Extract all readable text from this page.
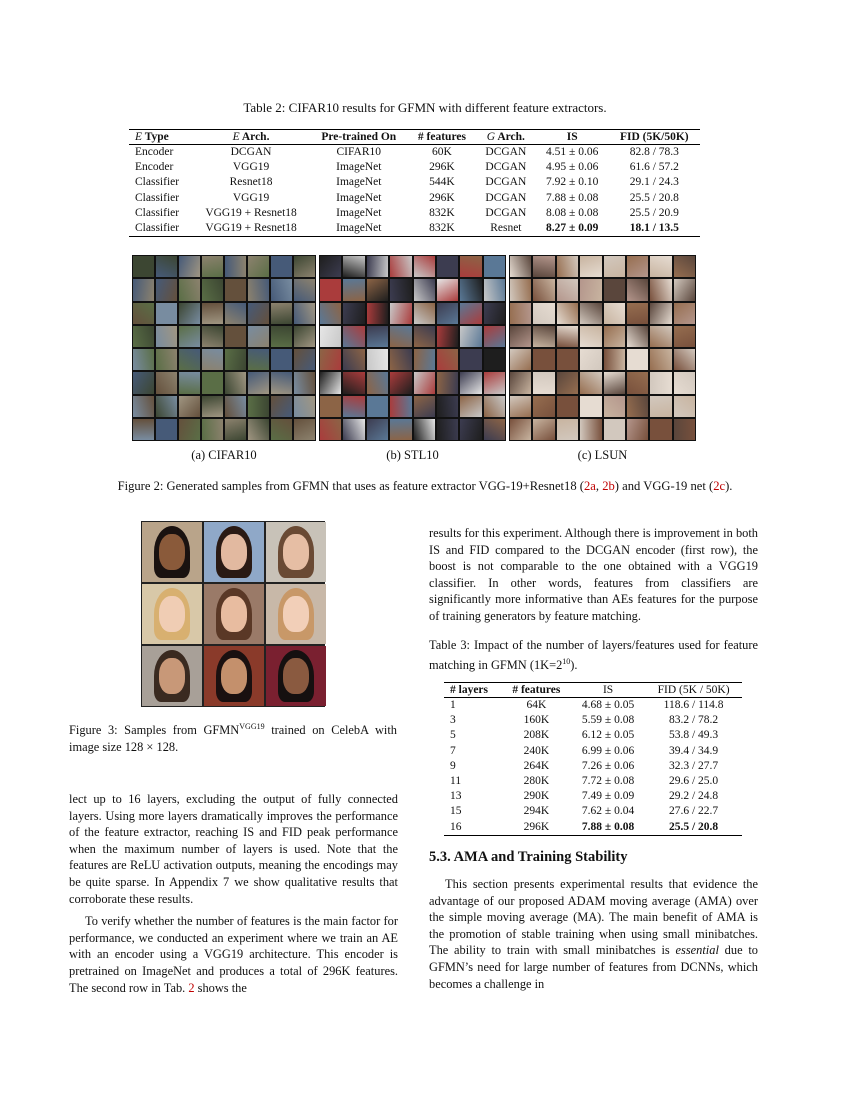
Table 2: CIFAR10 results for GFMN with different feature extractors.
E Type	E Arch.	Pre-trained On	# features	G Arch.	IS	FID (5K/50K)
Encoder	DCGAN	CIFAR10	60K	DCGAN	4.51 ± 0.06	82.8 / 78.3
Encoder	VGG19	ImageNet	296K	DCGAN	4.95 ± 0.06	61.6 / 57.2
Classifier	Resnet18	ImageNet	544K	DCGAN	7.92 ± 0.10	29.1 / 24.3
Classifier	VGG19	ImageNet	296K	DCGAN	7.88 ± 0.08	25.5 / 20.8
Classifier	VGG19 + Resnet18	ImageNet	832K	DCGAN	8.08 ± 0.08	25.5 / 20.9
Classifier	VGG19 + Resnet18	ImageNet	832K	Resnet	8.27 ± 0.09	18.1 / 13.5
(a) CIFAR10	(b) STL10	(c) LSUN
Figure 2: Generated samples from GFMN that uses as feature extractor VGG-19+Resnet18 (2a, 2b) and VGG-19 net (2c).
Figure 3: Samples from $GFMN^{VGG19}$ trained on CelebA with image size 128 × 128.

lect up to 16 layers, excluding the output of fully connected layers. Using more layers dramatically improves the performance of the feature extractor, reaching IS and FID peak performance when the maximum number of layers is used. Note that the features are ReLU activation outputs, meaning the encodings may be quite sparse. In Appendix 7 we show qualitative results that corroborate these results.

To verify whether the number of features is the main factor for performance, we conducted an experiment where we train an AE with an encoder using a VGG19 architecture. This encoder is pretrained on ImageNet and produces a total of 296K features. The second row in Tab. 2 shows the

results for this experiment. Although there is improvement in both IS and FID compared to the DCGAN encoder (first row), the boost is not comparable to the one obtained with a VGG19 classifier. In other words, features from classifiers are significantly more informative than AEs features for the purpose of training generators by feature matching.
Table 3: Impact of the number of layers/features used for feature matching in GFMN $(1K=2^{10})$.
# layers	# features	IS	FID (5K / 50K)
1	64K	4.68 ± 0.05	118.6 / 114.8
3	160K	5.59 ± 0.08	83.2 / 78.2
5	208K	6.12 ± 0.05	53.8 / 49.3
7	240K	6.99 ± 0.06	39.4 / 34.9
9	264K	7.26 ± 0.06	32.3 / 27.7
11	280K	7.72 ± 0.08	29.6 / 25.0
13	290K	7.49 ± 0.09	29.2 / 24.8
15	294K	7.62 ± 0.04	27.6 / 22.7
16	296K	7.88 ± 0.08	25.5 / 20.8
5.3. AMA and Training Stability
This section presents experimental results that evidence the advantage of our proposed ADAM moving average (AMA) over the simple moving average (MA). The main benefit of AMA is the promotion of stable training when using small minibatches. The ability to train with small minibatches is essential due to GFMN’s need for large number of features from DCNNs, which becomes a challenge in
